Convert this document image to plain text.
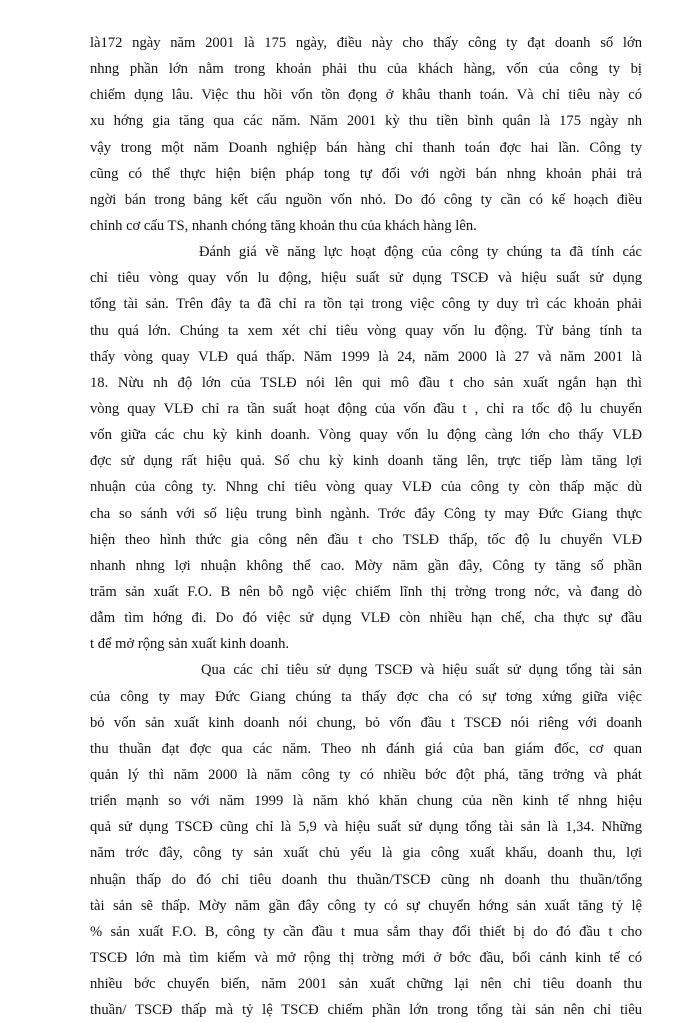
là172 ngày năm 2001 là 175 ngày, điều này cho thấy công ty đạt doanh số lớn
nhng phần lớn nằm trong khoản phải thu của khách hàng, vốn của công ty bị
chiếm dụng lâu. Việc thu hồi vốn tồn đọng ở khâu thanh toán. Và chỉ tiêu này có
xu hớng gia tăng qua các năm. Năm 2001 kỳ thu tiền bình quân là 175 ngày nh
vậy trong một năm Doanh nghiệp bán hàng chỉ thanh toán đợc hai lần. Công ty
cũng có thể thực hiện biện pháp tong tự đối với ngời bán nhng khoản phải trả
ngời bán trong bảng kết cấu nguồn vốn nhỏ. Do đó công ty cần có kế hoạch điều
chỉnh cơ cấu TS, nhanh chóng tăng khoản thu của khách hàng lên.
Đánh giá về năng lực hoạt động của công ty chúng ta đã tính các
chỉ tiêu vòng quay vốn lu động, hiệu suất sử dụng TSCĐ và hiệu suất sử dụng
tổng tài sản. Trên đây ta đã chỉ ra tồn tại trong việc công ty duy trì các khoản phải
thu quá lớn. Chúng ta xem xét chỉ tiêu vòng quay vốn lu động. Từ bảng tính ta
thấy vòng quay VLĐ quá thấp. Năm 1999 là 24, năm 2000 là 27 và năm 2001 là
18. Nừu nh độ lớn của TSLĐ nói lên qui mô đầu t cho sản xuất ngắn hạn thì
vòng quay VLĐ chỉ ra tần suất hoạt động của vốn đầu t , chỉ ra tốc độ lu chuyển
vốn giữa các chu kỳ kinh doanh. Vòng quay vốn lu động càng lớn cho thấy VLĐ
đợc sử dụng rất hiệu quả. Số chu kỳ kinh doanh tăng lên, trực tiếp làm tăng lợi
nhuận của công ty. Nhng chỉ tiêu vòng quay VLĐ của công ty còn thấp mặc dù
cha so sánh với số liệu trung bình ngành. Trớc đây Công ty may Đức Giang thực
hiện theo hình thức gia công nên đầu t cho TSLĐ thấp, tốc độ lu chuyển VLĐ
nhanh nhng lợi nhuận không thể cao. Mờy năm gần đây, Công ty tăng số phần
trăm sản xuất F.O. B nên bỗ ngỗ việc chiếm lĩnh thị trờng trong nớc, và đang dò
dẫm tìm hớng đi. Do đó việc sử dụng VLĐ còn nhiều hạn chế, cha thực sự đầu
t để mở rộng sản xuất kinh doanh.
Qua các chỉ tiêu sử dụng TSCĐ và hiệu suất sử dụng tổng tài sản
của công ty may Đức Giang chúng ta thấy đợc cha có sự tơng xứng giữa việc
bỏ vốn sản xuất kinh doanh nói chung, bỏ vốn đầu t TSCĐ nói riêng với doanh
thu thuần đạt đợc qua các năm. Theo nh đánh giá của ban giám đốc, cơ quan
quản lý thì năm 2000 là năm công ty có nhiều bớc đột phá, tăng trởng và phát
triển mạnh so với năm 1999 là năm khó khăn chung của nền kinh tế nhng hiệu
quả sử dụng TSCĐ cũng chỉ là 5,9 và hiệu suất sử dụng tổng tài sản là 1,34. Những
năm trớc đây, công ty sản xuất chủ yếu là gia công xuất khẩu, doanh thu, lợi
nhuận thấp do đó chỉ tiêu doanh thu thuần/TSCĐ cũng nh doanh thu thuần/tổng
tài sản sẽ thấp. Mờy năm gần đây công ty có sự chuyển hớng sản xuất tăng tỷ lệ
% sản xuất F.O. B, công ty cần đầu t mua sắm thay đổi thiết bị do đó đầu t cho
TSCĐ lớn mà tìm kiếm và mở rộng thị trờng mới ở bớc đầu, bối cảnh kinh tế có
nhiều bớc chuyển biến, năm 2001 sản xuất chững lại nên chỉ tiêu doanh thu
thuần/ TSCĐ thấp mà tỷ lệ TSCĐ chiếm phần lớn trong tổng tài sản nên chỉ tiêu
